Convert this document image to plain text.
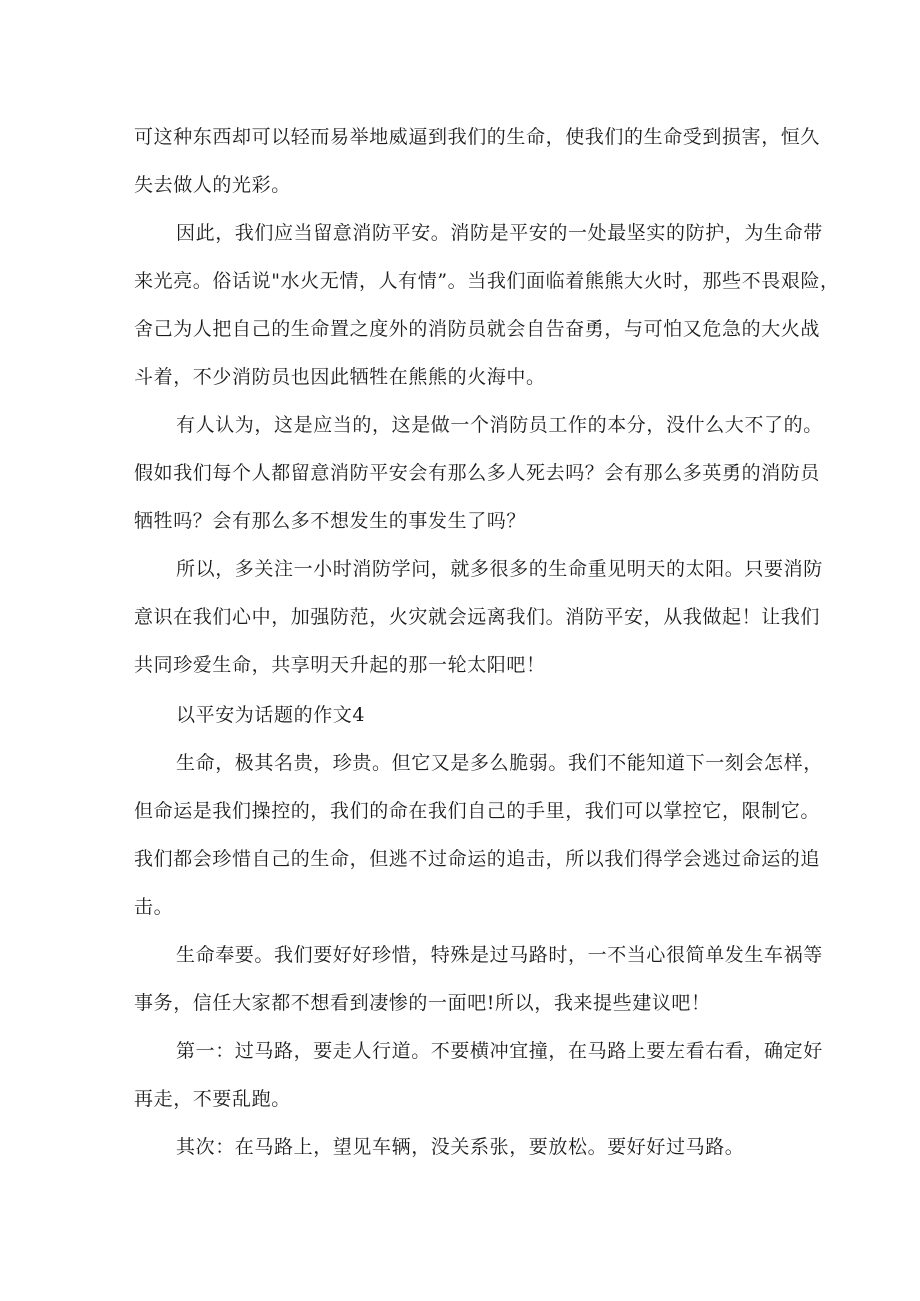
可这种东西却可以轻而易举地威逼到我们的生命，使我们的生命受到损害，恒久

失去做人的光彩。

因此，我们应当留意消防平安。消防是平安的一处最坚实的防护，为生命带

来光亮。俗话说"水火无情，人有情”。当我们面临着熊熊大火时，那些不畏艰险，

舍己为人把自己的生命置之度外的消防员就会自告奋勇，与可怕又危急的大火战

斗着，不少消防员也因此牺牲在熊熊的火海中。

有人认为，这是应当的，这是做一个消防员工作的本分，没什么大不了的。

假如我们每个人都留意消防平安会有那么多人死去吗？会有那么多英勇的消防员

牺牲吗？会有那么多不想发生的事发生了吗？

所以，多关注一小时消防学问，就多很多的生命重见明天的太阳。只要消防

意识在我们心中，加强防范，火灾就会远离我们。消防平安，从我做起！让我们

共同珍爱生命，共享明天升起的那一轮太阳吧！

以平安为话题的作文4

生命，极其名贵，珍贵。但它又是多么脆弱。我们不能知道下一刻会怎样，

但命运是我们操控的，我们的命在我们自己的手里，我们可以掌控它，限制它。

我们都会珍惜自己的生命，但逃不过命运的追击，所以我们得学会逃过命运的追

击。

生命奉要。我们要好好珍惜，特殊是过马路时，一不当心很简单发生车祸等

事务，信任大家都不想看到凄惨的一面吧!所以，我来提些建议吧！

第一：过马路，要走人行道。不要横冲宜撞，在马路上要左看右看，确定好

再走，不要乱跑。

其次：在马路上，望见车辆，没关系张，要放松。要好好过马路。
